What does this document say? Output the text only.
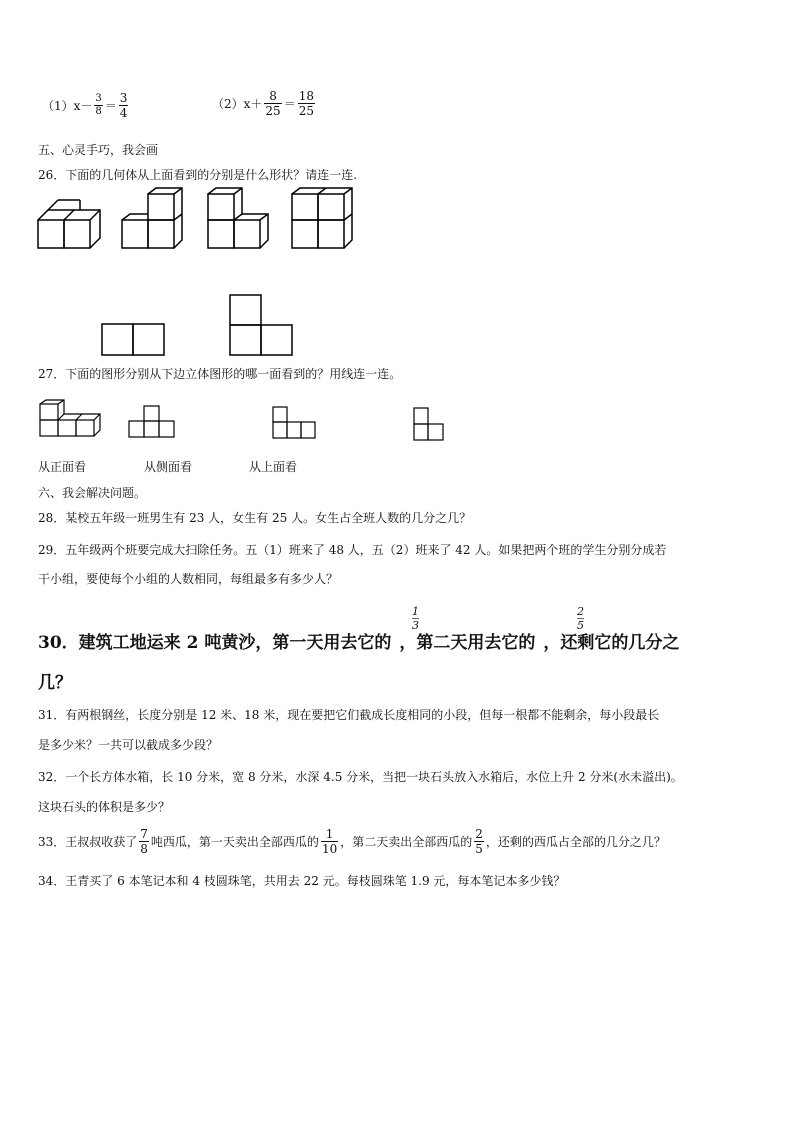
$(1)x- \frac{3}{8} = \frac{3}{4}$	$(2)x+ \frac{8}{25} = \frac{18}{25}$
五、心灵手巧，我会画
26．下面的几何体从上面看到的分别是什么形状？请连一连.
27．下面的图形分别从下边立体图形的哪一面看到的？用线连一连。
从正面看	从侧面看	从上面看
六、我会解决问题。
28．某校五年级一班男生有 23 人，女生有 25 人。女生占全班人数的几分之几？
29．五年级两个班要完成大扫除任务。五（1）班来了 48 人，五（2）班来了 42 人。如果把两个班的学生分别分成若
干小组，要使每个小组的人数相同，每组最多有多少人？
30．建筑工地运来 2 吨黄沙，第一天用去它的 ，第二天用去它的 ，还剩它的几分之
1
3
2
5
几？
31．有两根钢丝，长度分别是 12 米、18 米，现在要把它们截成长度相同的小段，但每一根都不能剩余，每小段最长
是多少米？一共可以截成多少段？
32．一个长方体水箱，长 10 分米，宽 8 分米，水深 4.5 分米，当把一块石头放入水箱后，水位上升 2 分米(水未溢出)。
这块石头的体积是多少？
33．王叔叔收获了 $\frac{7}{8}$ 吨西瓜，第一天卖出全部西瓜的 $\frac{1}{10}$ ，第二天卖出全部西瓜的 $\frac{2}{5}$ ，还剩的西瓜占全部的几分之几？
34．王青买了 6 本笔记本和 4 枝圆珠笔，共用去 22 元。每枝圆珠笔 1.9 元，每本笔记本多少钱？
